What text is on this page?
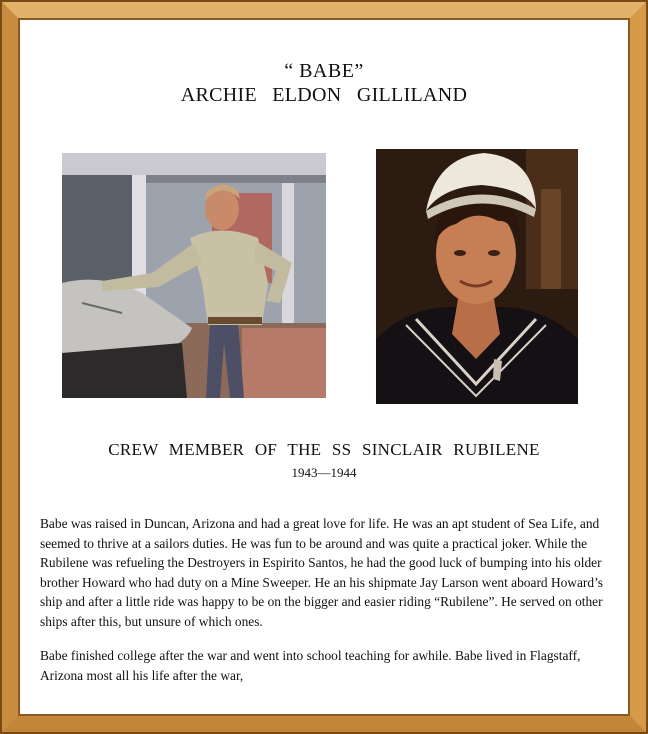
“ BABE”
ARCHIE ELDON GILLILAND
CREW MEMBER OF THE SS SINCLAIR RUBILENE
1943—1944

Babe was raised in Duncan, Arizona and had a great love for life. He was an apt student of Sea Life, and seemed to thrive at a sailors duties. He was fun to be around and was quite a practical joker. While the Rubilene was refueling the Destroyers in Espirito Santos, he had the good luck of bumping into his older brother Howard who had duty on a Mine Sweeper. He an his shipmate Jay Larson went aboard Howard’s ship and after a little ride was happy to be on the bigger and easier riding “Rubilene”. He served on other ships after this, but unsure of which ones.

Babe finished college after the war and went into school teaching for awhile. Babe lived in Flagstaff, Arizona most all his life after the war,
